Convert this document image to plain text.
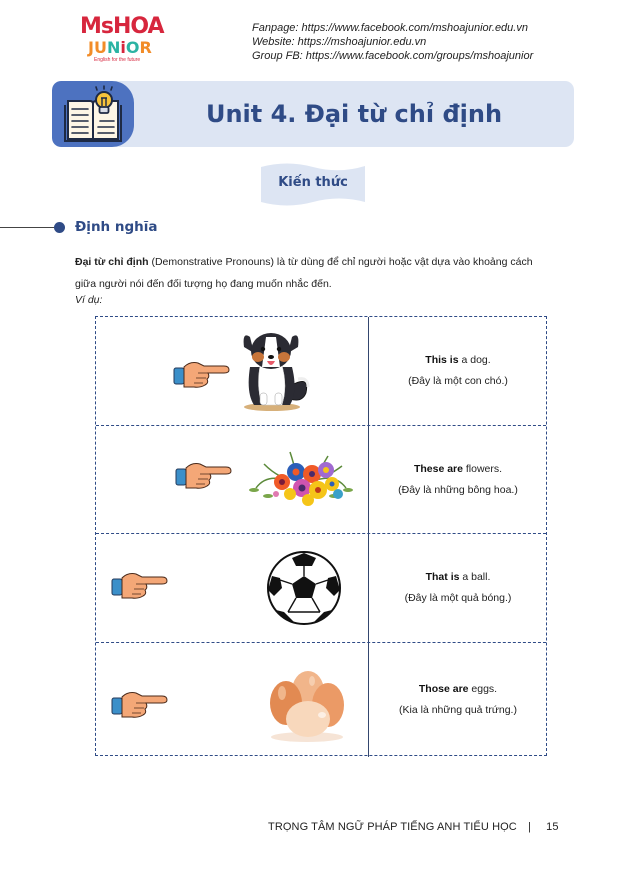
MsHOA
JUNiOR
English for the future
Fanpage: https://www.facebook.com/mshoajunior.edu.vn
Website: https://mshoajunior.edu.vn
Group FB: https://www.facebook.com/groups/mshoajunior
Unit 4. Đại từ chỉ định
Kiến thức
Định nghĩa
Đại từ chỉ định (Demonstrative Pronouns) là từ dùng để chỉ người hoặc vật dựa vào khoảng cách giữa người nói đến đối tượng họ đang muốn nhắc đến.
Ví dụ:
This is a dog.
(Đây là một con chó.)
These are flowers.
(Đây là những bông hoa.)
That is a ball.
(Đây là một quả bóng.)
Those are eggs.
(Kia là những quả trứng.)
TRỌNG TÂM NGỮ PHÁP TIẾNG ANH TIỂU HỌC | 15
